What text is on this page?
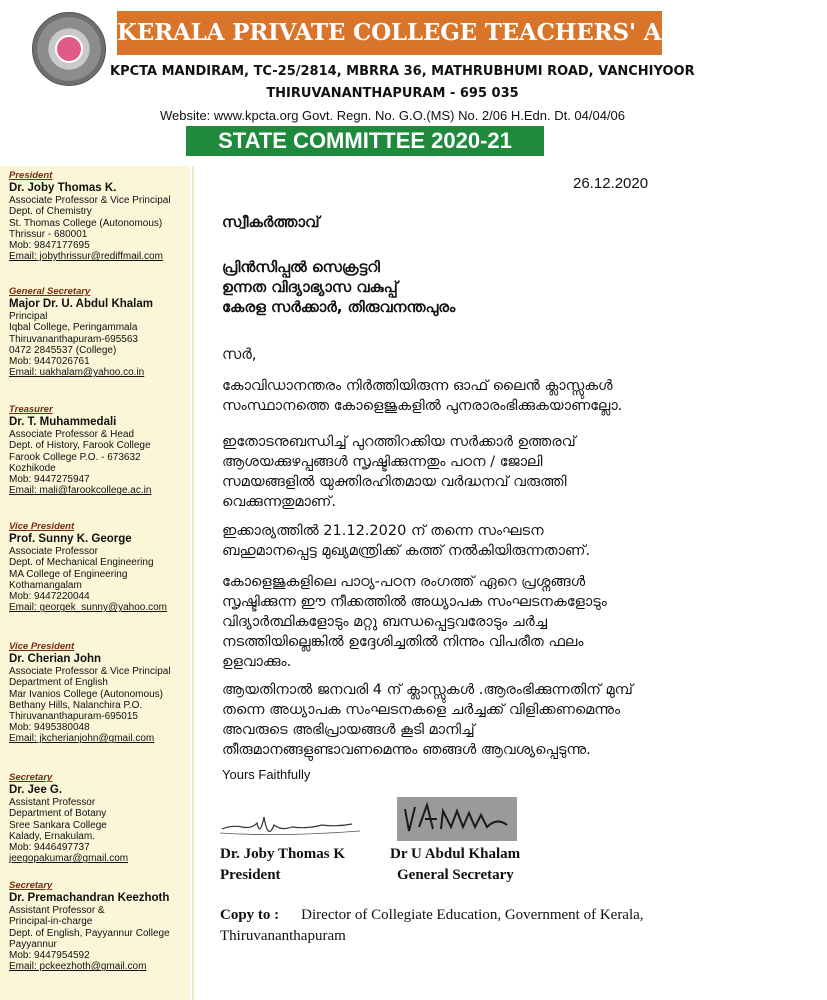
KERALA PRIVATE COLLEGE TEACHERS' ASSOCIATION
KPCTA MANDIRAM, TC-25/2814, MBRRA 36, MATHRUBHUMI ROAD, VANCHIYOOR
THIRUVANANTHAPURAM - 695 035
Website: www.kpcta.org Govt. Regn. No. G.O.(MS) No. 2/06 H.Edn. Dt. 04/04/06
STATE COMMITTEE 2020-21
26.12.2020
സ്വീകർത്താവ്
പ്രിൻസിപ്പൽ സെക്രട്ടറി
ഉന്നത വിദ്യാഭ്യാസ വകുപ്പ്
കേരള സർക്കാർ, തിരുവനന്തപുരം
സർ,
കോവിഡാനന്തരം നിർത്തിയിരുന്ന ഓഫ് ലൈൻ ക്ലാസ്സുകൾ
സംസ്ഥാനത്തെ കോളെജുകളിൽ പുനരാരംഭിക്കുകയാണല്ലോ.
ഇതോടനുബന്ധിച്ച് പുറത്തിറക്കിയ സർക്കാർ ഉത്തരവ്
ആശയക്കുഴപ്പങ്ങൾ സൃഷ്ടിക്കുന്നതും പഠന / ജോലി
സമയങ്ങളിൽ യുക്തിരഹിതമായ വർദ്ധനവ് വരുത്തി
വെക്കുന്നതുമാണ്.
ഇക്കാര്യത്തിൽ 21.12.2020 ന് തന്നെ സംഘടന
ബഹുമാനപ്പെട്ട മുഖ്യമന്ത്രിക്ക് കത്ത് നൽകിയിരുന്നതാണ്.
കോളെജുകളിലെ പാഠ്യ-പഠന രംഗത്ത് ഏറെ പ്രശ്നങ്ങൾ
സൃഷ്ടിക്കുന്ന ഈ നീക്കത്തിൽ അധ്യാപക സംഘടനകളോടും
വിദ്യാർത്ഥികളോടും മറ്റു ബന്ധപ്പെട്ടവരോടും ചർച്ച
നടത്തിയില്ലെങ്കിൽ ഉദ്ദേശിച്ചതിൽ നിന്നും വിപരീത ഫലം
ഉളവാക്കും.
ആയതിനാൽ ജനവരി 4 ന് ക്ലാസ്സുകൾ .ആരംഭിക്കുന്നതിന് മുമ്പ്
തന്നെ അധ്യാപക സംഘടനകളെ ചർച്ചക്ക് വിളിക്കണമെന്നും
അവരുടെ അഭിപ്രായങ്ങൾ കൂടി മാനിച്ച്
തീരുമാനങ്ങളുണ്ടാവണമെന്നും ഞങ്ങൾ ആവശ്യപ്പെടുന്നു.
Yours Faithfully
Dr. Joby Thomas K
President
Dr U Abdul Khalam
General Secretary
Copy to : Director of Collegiate Education, Government of Kerala, Thiruvananthapuram
President
Dr. Joby Thomas K.
Associate Professor & Vice Principal
Dept. of Chemistry
St. Thomas College (Autonomous)
Thrissur - 680001
Mob: 9847177695
Email: jobythrissur@rediffmail.com
General Secretary
Major Dr. U. Abdul Khalam
Principal
Iqbal College, Peringammala
Thiruvananthapuram-695563
0472 2845537 (College)
Mob: 9447026761
Email: uakhalam@yahoo.co.in
Treasurer
Dr. T. Muhammedali
Associate Professor & Head
Dept. of History, Farook College
Farook College P.O. - 673632
Kozhikode
Mob: 9447275947
Email: mali@farookcollege.ac.in
Vice President
Prof. Sunny K. George
Associate Professor
Dept. of Mechanical Engineering
MA College of Engineering
Kothamangalam
Mob: 9447220044
Email: georgek_sunny@yahoo.com
Vice President
Dr. Cherian John
Associate Professor & Vice Principal
Department of English
Mar Ivanios College (Autonomous)
Bethany Hills, Nalanchira P.O.
Thiruvananthapuram-695015
Mob: 9495380048
Email: jkcherianjohn@gmail.com
Secretary
Dr. Jee G.
Assistant Professor
Department of Botany
Sree Sankara College
Kalady, Ernakulam.
Mob: 9446497737
jeegopakumar@gmail.com
Secretary
Dr. Premachandran Keezhoth
Assistant Professor &
Principal-in-charge
Dept. of English, Payyannur College
Payyannur
Mob: 9447954592
Email: pckeezhoth@gmail.com
